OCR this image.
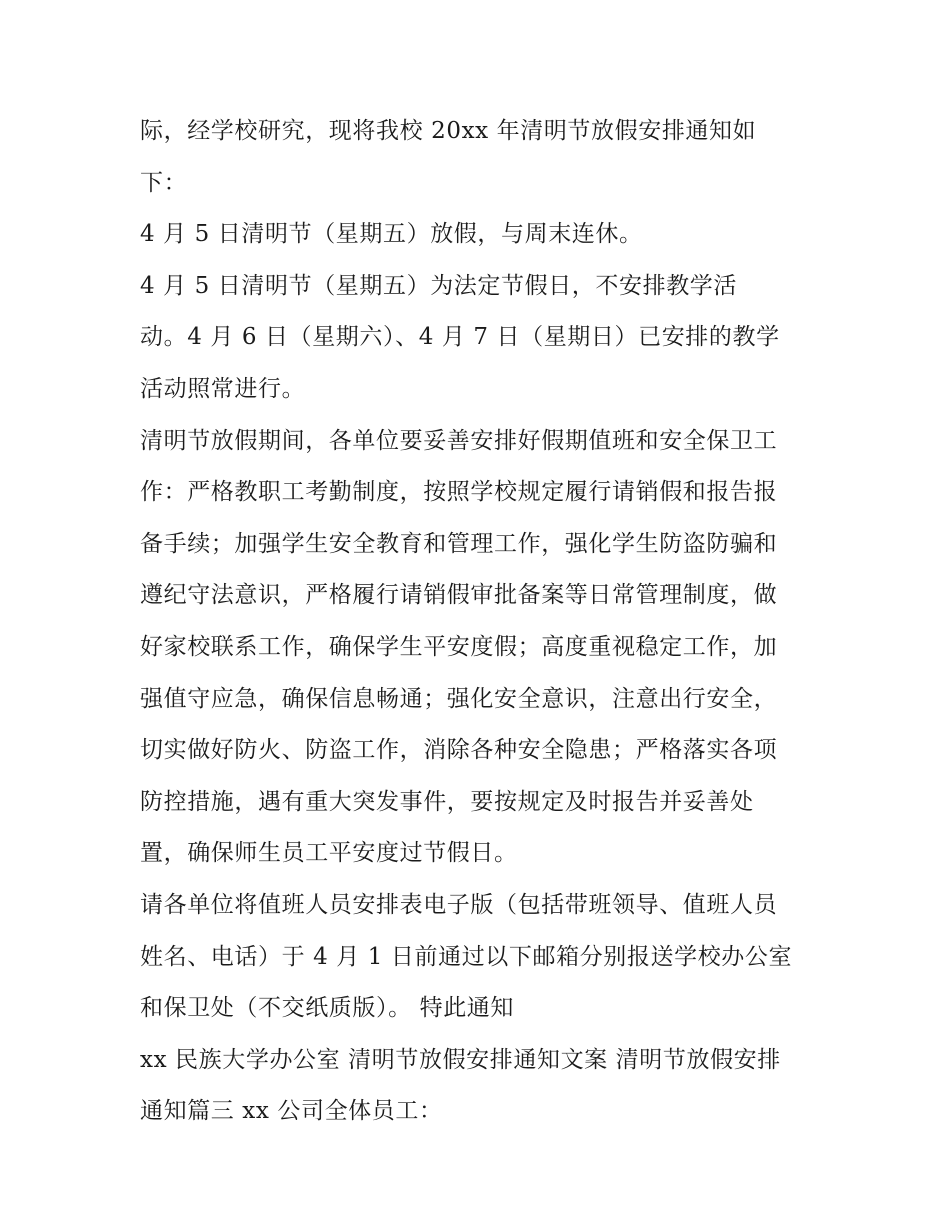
际，经学校研究，现将我校 20xx 年清明节放假安排通知如
下：
4 月 5 日清明节（星期五）放假，与周末连休。
4 月 5 日清明节（星期五）为法定节假日，不安排教学活
动。4 月 6 日（星期六）、4 月 7 日（星期日）已安排的教学
活动照常进行。
清明节放假期间，各单位要妥善安排好假期值班和安全保卫工
作：严格教职工考勤制度，按照学校规定履行请销假和报告报
备手续；加强学生安全教育和管理工作，强化学生防盗防骗和
遵纪守法意识，严格履行请销假审批备案等日常管理制度，做
好家校联系工作，确保学生平安度假；高度重视稳定工作，加
强值守应急，确保信息畅通；强化安全意识，注意出行安全，
切实做好防火、防盗工作，消除各种安全隐患；严格落实各项
防控措施，遇有重大突发事件，要按规定及时报告并妥善处
置，确保师生员工平安度过节假日。
请各单位将值班人员安排表电子版（包括带班领导、值班人员
姓名、电话）于 4 月 1 日前通过以下邮箱分别报送学校办公室
和保卫处（不交纸质版）。 特此通知
xx 民族大学办公室 清明节放假安排通知文案 清明节放假安排
通知篇三 xx 公司全体员工：
